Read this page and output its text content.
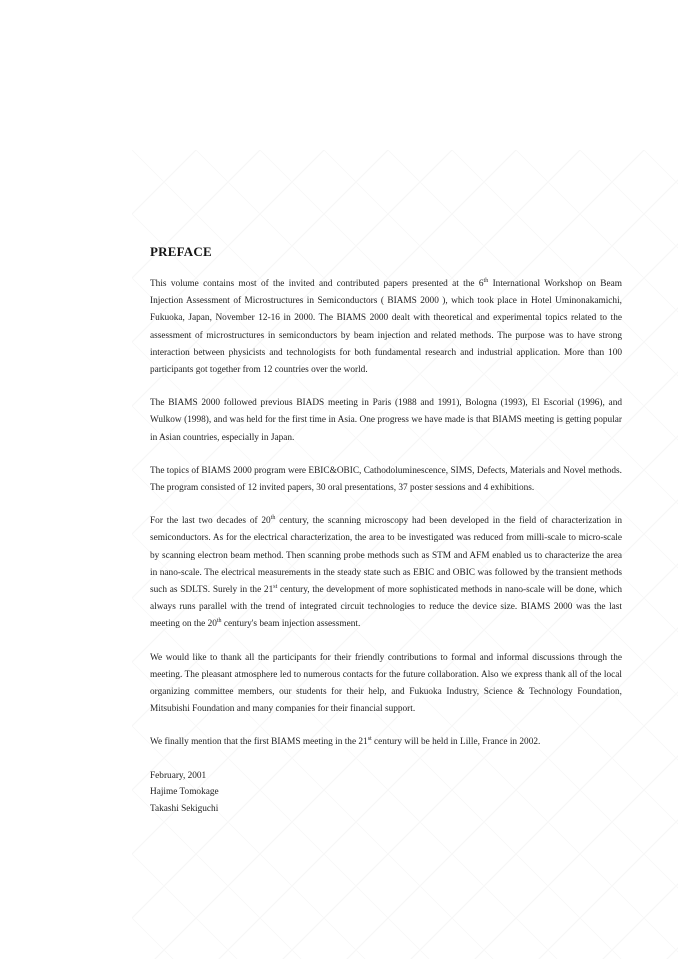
PREFACE

This volume contains most of the invited and contributed papers presented at the 6th International Workshop on Beam Injection Assessment of Microstructures in Semiconductors ( BIAMS 2000 ), which took place in Hotel Uminonakamichi, Fukuoka, Japan, November 12-16 in 2000. The BIAMS 2000 dealt with theoretical and experimental topics related to the assessment of microstructures in semiconductors by beam injection and related methods. The purpose was to have strong interaction between physicists and technologists for both fundamental research and industrial application. More than 100 participants got together from 12 countries over the world.

The BIAMS 2000 followed previous BIADS meeting in Paris (1988 and 1991), Bologna (1993), El Escorial (1996), and Wulkow (1998), and was held for the first time in Asia. One progress we have made is that BIAMS meeting is getting popular in Asian countries, especially in Japan.

The topics of BIAMS 2000 program were EBIC&OBIC, Cathodoluminescence, SIMS, Defects, Materials and Novel methods. The program consisted of 12 invited papers, 30 oral presentations, 37 poster sessions and 4 exhibitions.

For the last two decades of 20th century, the scanning microscopy had been developed in the field of characterization in semiconductors. As for the electrical characterization, the area to be investigated was reduced from milli-scale to micro-scale by scanning electron beam method. Then scanning probe methods such as STM and AFM enabled us to characterize the area in nano-scale. The electrical measurements in the steady state such as EBIC and OBIC was followed by the transient methods such as SDLTS. Surely in the 21st century, the development of more sophisticated methods in nano-scale will be done, which always runs parallel with the trend of integrated circuit technologies to reduce the device size. BIAMS 2000 was the last meeting on the 20th century's beam injection assessment.

We would like to thank all the participants for their friendly contributions to formal and informal discussions through the meeting. The pleasant atmosphere led to numerous contacts for the future collaboration. Also we express thank all of the local organizing committee members, our students for their help, and Fukuoka Industry, Science & Technology Foundation, Mitsubishi Foundation and many companies for their financial support.

We finally mention that the first BIAMS meeting in the 21st century will be held in Lille, France in 2002.

February, 2001
Hajime Tomokage
Takashi Sekiguchi
